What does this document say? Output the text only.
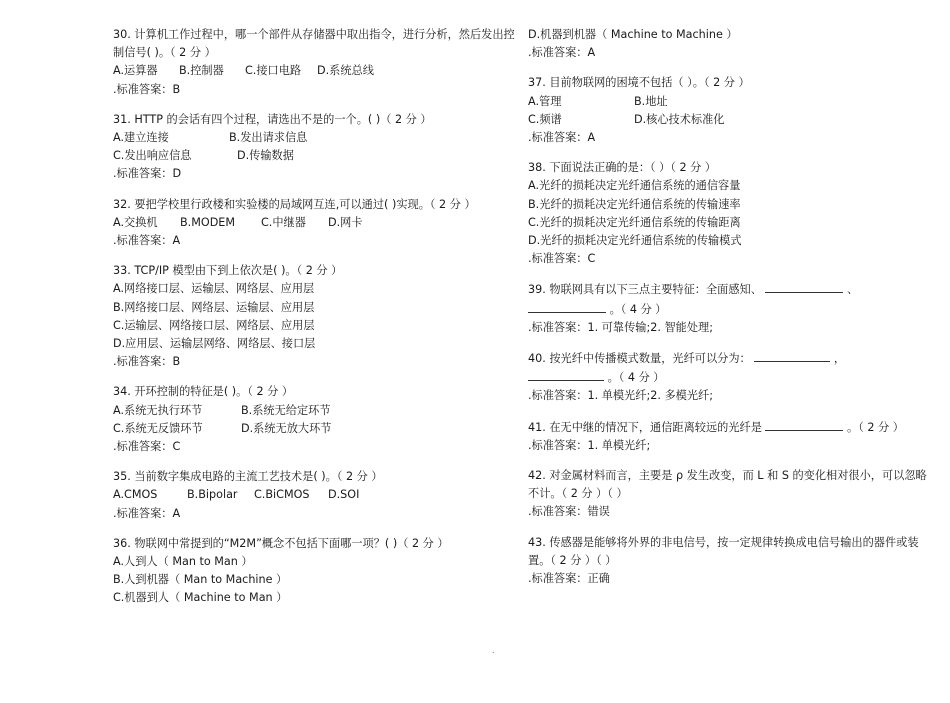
30. 计算机工作过程中，哪一个部件从存储器中取出指令，进行分析，然后发出控
制信号( )。（ 2 分 ）
A.运算器	B.控制器	C.接口电路	D.系统总线
.标准答案：B
31. HTTP 的会话有四个过程，请选出不是的一个。( )（ 2 分 ）
A.建立连接	B.发出请求信息
C.发出响应信息	D.传输数据
.标准答案：D
32. 要把学校里行政楼和实验楼的局域网互连,可以通过( )实现。（ 2 分 ）
A.交换机	B.MODEM	C.中继器	D.网卡
.标准答案：A
33. TCP/IP 模型由下到上依次是( )。（ 2 分 ）
A.网络接口层、运输层、网络层、应用层
B.网络接口层、网络层、运输层、应用层
C.运输层、网络接口层、网络层、应用层
D.应用层、运输层网络、网络层、接口层
.标准答案：B
34. 开环控制的特征是( )。（ 2 分 ）
A.系统无执行环节	B.系统无给定环节
C.系统无反馈环节	D.系统无放大环节
.标准答案：C
35. 当前数字集成电路的主流工艺技术是( )。（ 2 分 ）
A.CMOS	B.Bipolar	C.BiCMOS	D.SOI
.标准答案：A
36. 物联网中常提到的“M2M”概念不包括下面哪一项？( )（ 2 分 ）
A.人到人（ Man to Man ）
B.人到机器（ Man to Machine ）
C.机器到人（ Machine to Man ）
D.机器到机器（ Machine to Machine ）
.标准答案：A
37. 目前物联网的困境不包括（ ）。（ 2 分 ）
A.管理	B.地址
C.频谱	D.核心技术标准化
.标准答案：A
38. 下面说法正确的是：（ ）（ 2 分 ）
A.光纤的损耗决定光纤通信系统的通信容量
B.光纤的损耗决定光纤通信系统的传输速率
C.光纤的损耗决定光纤通信系统的传输距离
D.光纤的损耗决定光纤通信系统的传输模式
.标准答案：C
39. 物联网具有以下三点主要特征：全面感知、	、
。（ 4 分 ）
.标准答案：1. 可靠传输;2. 智能处理;
40. 按光纤中传播模式数量，光纤可以分为：	，
。（ 4 分 ）
.标准答案：1. 单模光纤;2. 多模光纤;
41. 在无中继的情况下，通信距离较远的光纤是	。（ 2 分 ）
.标准答案：1. 单模光纤;
42. 对金属材料而言，主要是 ρ 发生改变，而 L 和 S 的变化相对很小，可以忽略
不计。（ 2 分 ）（ ）
.标准答案：错误
43. 传感器是能够将外界的非电信号，按一定规律转换成电信号输出的器件或装
置。（ 2 分 ）（ ）
.标准答案：正确
.
